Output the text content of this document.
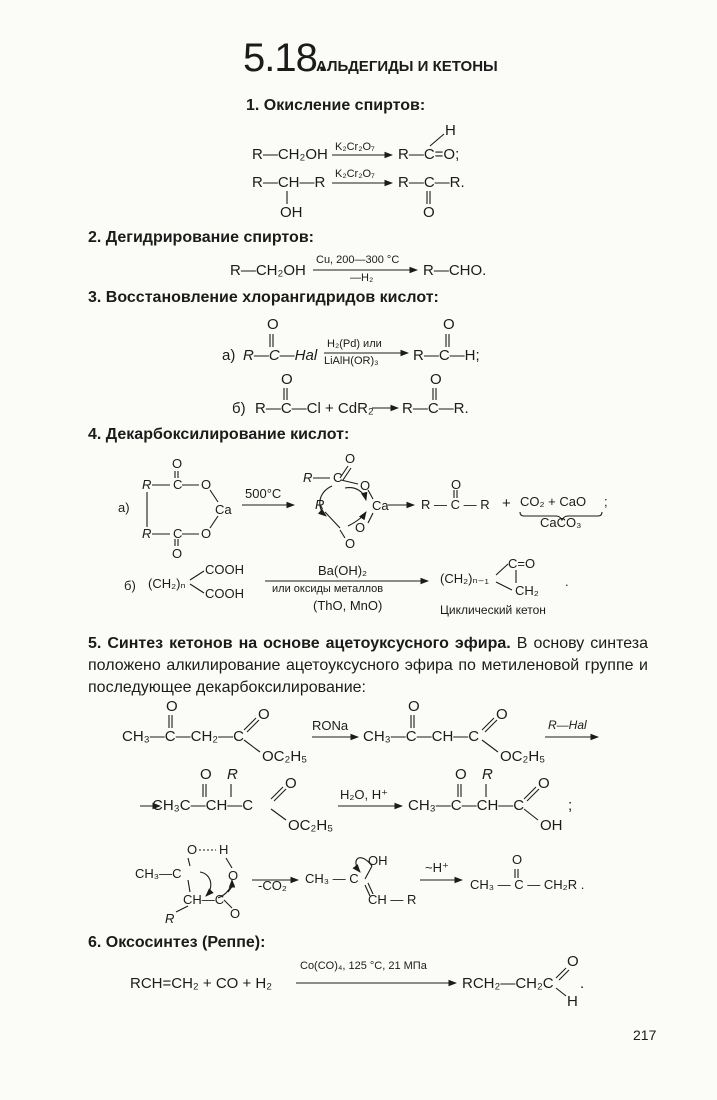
5.18.
АЛЬДЕГИДЫ И КЕТОНЫ
1. Окисление спиртов:
R—CH₂OH K₂Cr₂O₇ R—C=O;
H
R—CH—R K₂Cr₂O₇ R—C—R.
OH	O
2. Дегидрирование спиртов:
R—CH₂OH
Cu, 200—300 °C
—H₂	R—CHO.
3. Восстановление хлорангидридов кислот:
O	O
а) R—C—Hal
H₂(Pd) или
LiAlH(OR)₃ R—C—H;
O	O
б) R—C—Cl + CdR₂ R—C—R.
4. Декарбоксилирование кислот:
а)
O
R C O
Ca
O
R C
O
500°C
O
R C
O
R	Ca
O
O
O
R — C — R + CO₂ + CaO ;
CaCO₃
б) (CH₂)ₙ
COOH
COOH
Ba(OH)₂
или оксиды металлов
(ThO, MnO)
(CH₂)ₙ₋₁
C=O
CH₂
.
Циклический кетон
5. Синтез кетонов на основе ацетоуксусного эфира. В основу синтеза положено алкилирование ацетоуксусного эфира по метиленовой группе и последующее декарбоксилирование:
O	O
CH₃—C—CH₂—C
OC₂H₅
RONa
O	O
CH₃—C—CH—C
OC₂H₅
R—Hal
O R
O
CH₃C—CH—C
OC₂H₅
H₂O, H⁺
O R
O
CH₃—C—CH—C
OH
;
O H
CH₃—C	O
CH—C
R	O
-CO₂ CH₃ — C
OH
CH — R
~H⁺
O
CH₃ — C — CH₂R .
6. Оксосинтез (Реппе):
RCH=CH₂ + CO + H₂
Co(CO)₄, 125 °C, 21 МПа
RCH₂—CH₂C
O
H
.
217
